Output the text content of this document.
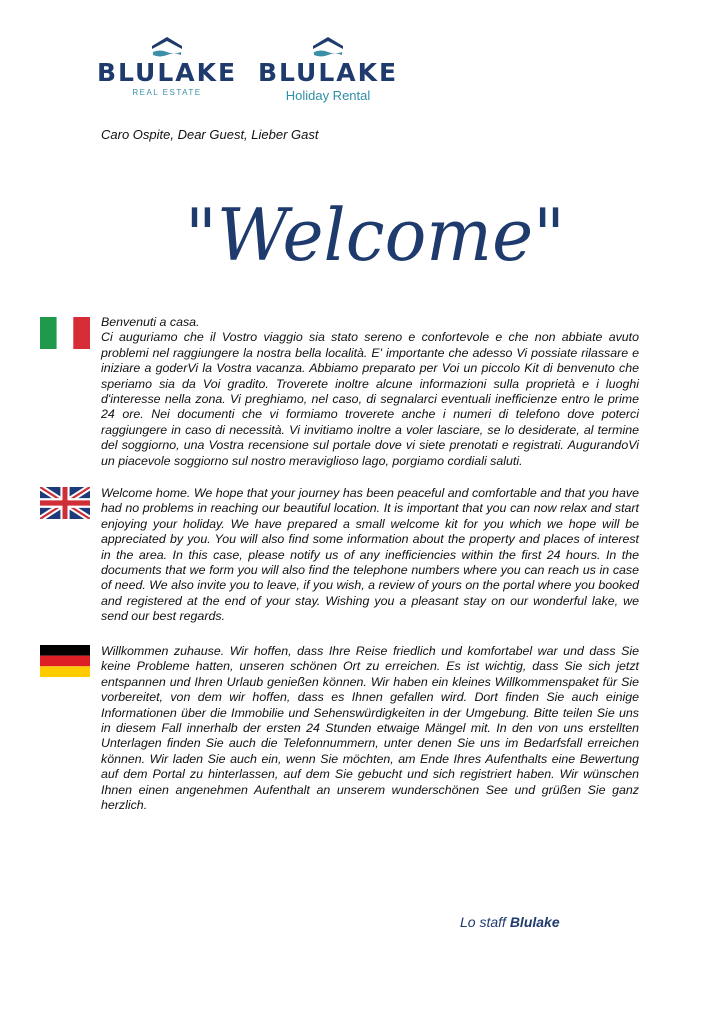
BLULAKE
REAL ESTATE
BLULAKE
Holiday Rental
Caro Ospite, Dear Guest, Lieber Gast
"Welcome"
Benvenuti a casa.
Ci auguriamo che il Vostro viaggio sia stato sereno e confortevole e che non abbiate avuto problemi nel raggiungere la nostra bella località. E' importante che adesso Vi possiate rilassare e iniziare a goderVi la Vostra vacanza. Abbiamo preparato per Voi un piccolo Kit di benvenuto che speriamo sia da Voi gradito. Troverete inoltre alcune informazioni sulla proprietà e i luoghi d'interesse nella zona. Vi preghiamo, nel caso, di segnalarci eventuali inefficienze entro le prime 24 ore. Nei documenti che vi formiamo troverete anche i numeri di telefono dove poterci raggiungere in caso di necessità. Vi invitiamo inoltre a voler lasciare, se lo desiderate, al termine del soggiorno, una Vostra recensione sul portale dove vi siete prenotati e registrati. AugurandoVi un piacevole soggiorno sul nostro meraviglioso lago, porgiamo cordiali saluti.
Welcome home. We hope that your journey has been peaceful and comfortable and that you have had no problems in reaching our beautiful location. It is important that you can now relax and start enjoying your holiday. We have prepared a small welcome kit for you which we hope will be appreciated by you. You will also find some information about the property and places of interest in the area. In this case, please notify us of any inefficiencies within the first 24 hours. In the documents that we form you will also find the telephone numbers where you can reach us in case of need. We also invite you to leave, if you wish, a review of yours on the portal where you booked and registered at the end of your stay. Wishing you a pleasant stay on our wonderful lake, we send our best regards.
Willkommen zuhause. Wir hoffen, dass Ihre Reise friedlich und komfortabel war und dass Sie keine Probleme hatten, unseren schönen Ort zu erreichen. Es ist wichtig, dass Sie sich jetzt entspannen und Ihren Urlaub genießen können. Wir haben ein kleines Willkommenspaket für Sie vorbereitet, von dem wir hoffen, dass es Ihnen gefallen wird. Dort finden Sie auch einige Informationen über die Immobilie und Sehenswürdigkeiten in der Umgebung. Bitte teilen Sie uns in diesem Fall innerhalb der ersten 24 Stunden etwaige Mängel mit. In den von uns erstellten Unterlagen finden Sie auch die Telefonnummern, unter denen Sie uns im Bedarfsfall erreichen können. Wir laden Sie auch ein, wenn Sie möchten, am Ende Ihres Aufenthalts eine Bewertung auf dem Portal zu hinterlassen, auf dem Sie gebucht und sich registriert haben. Wir wünschen Ihnen einen angenehmen Aufenthalt an unserem wunderschönen See und grüßen Sie ganz herzlich.
Lo staff Blulake
